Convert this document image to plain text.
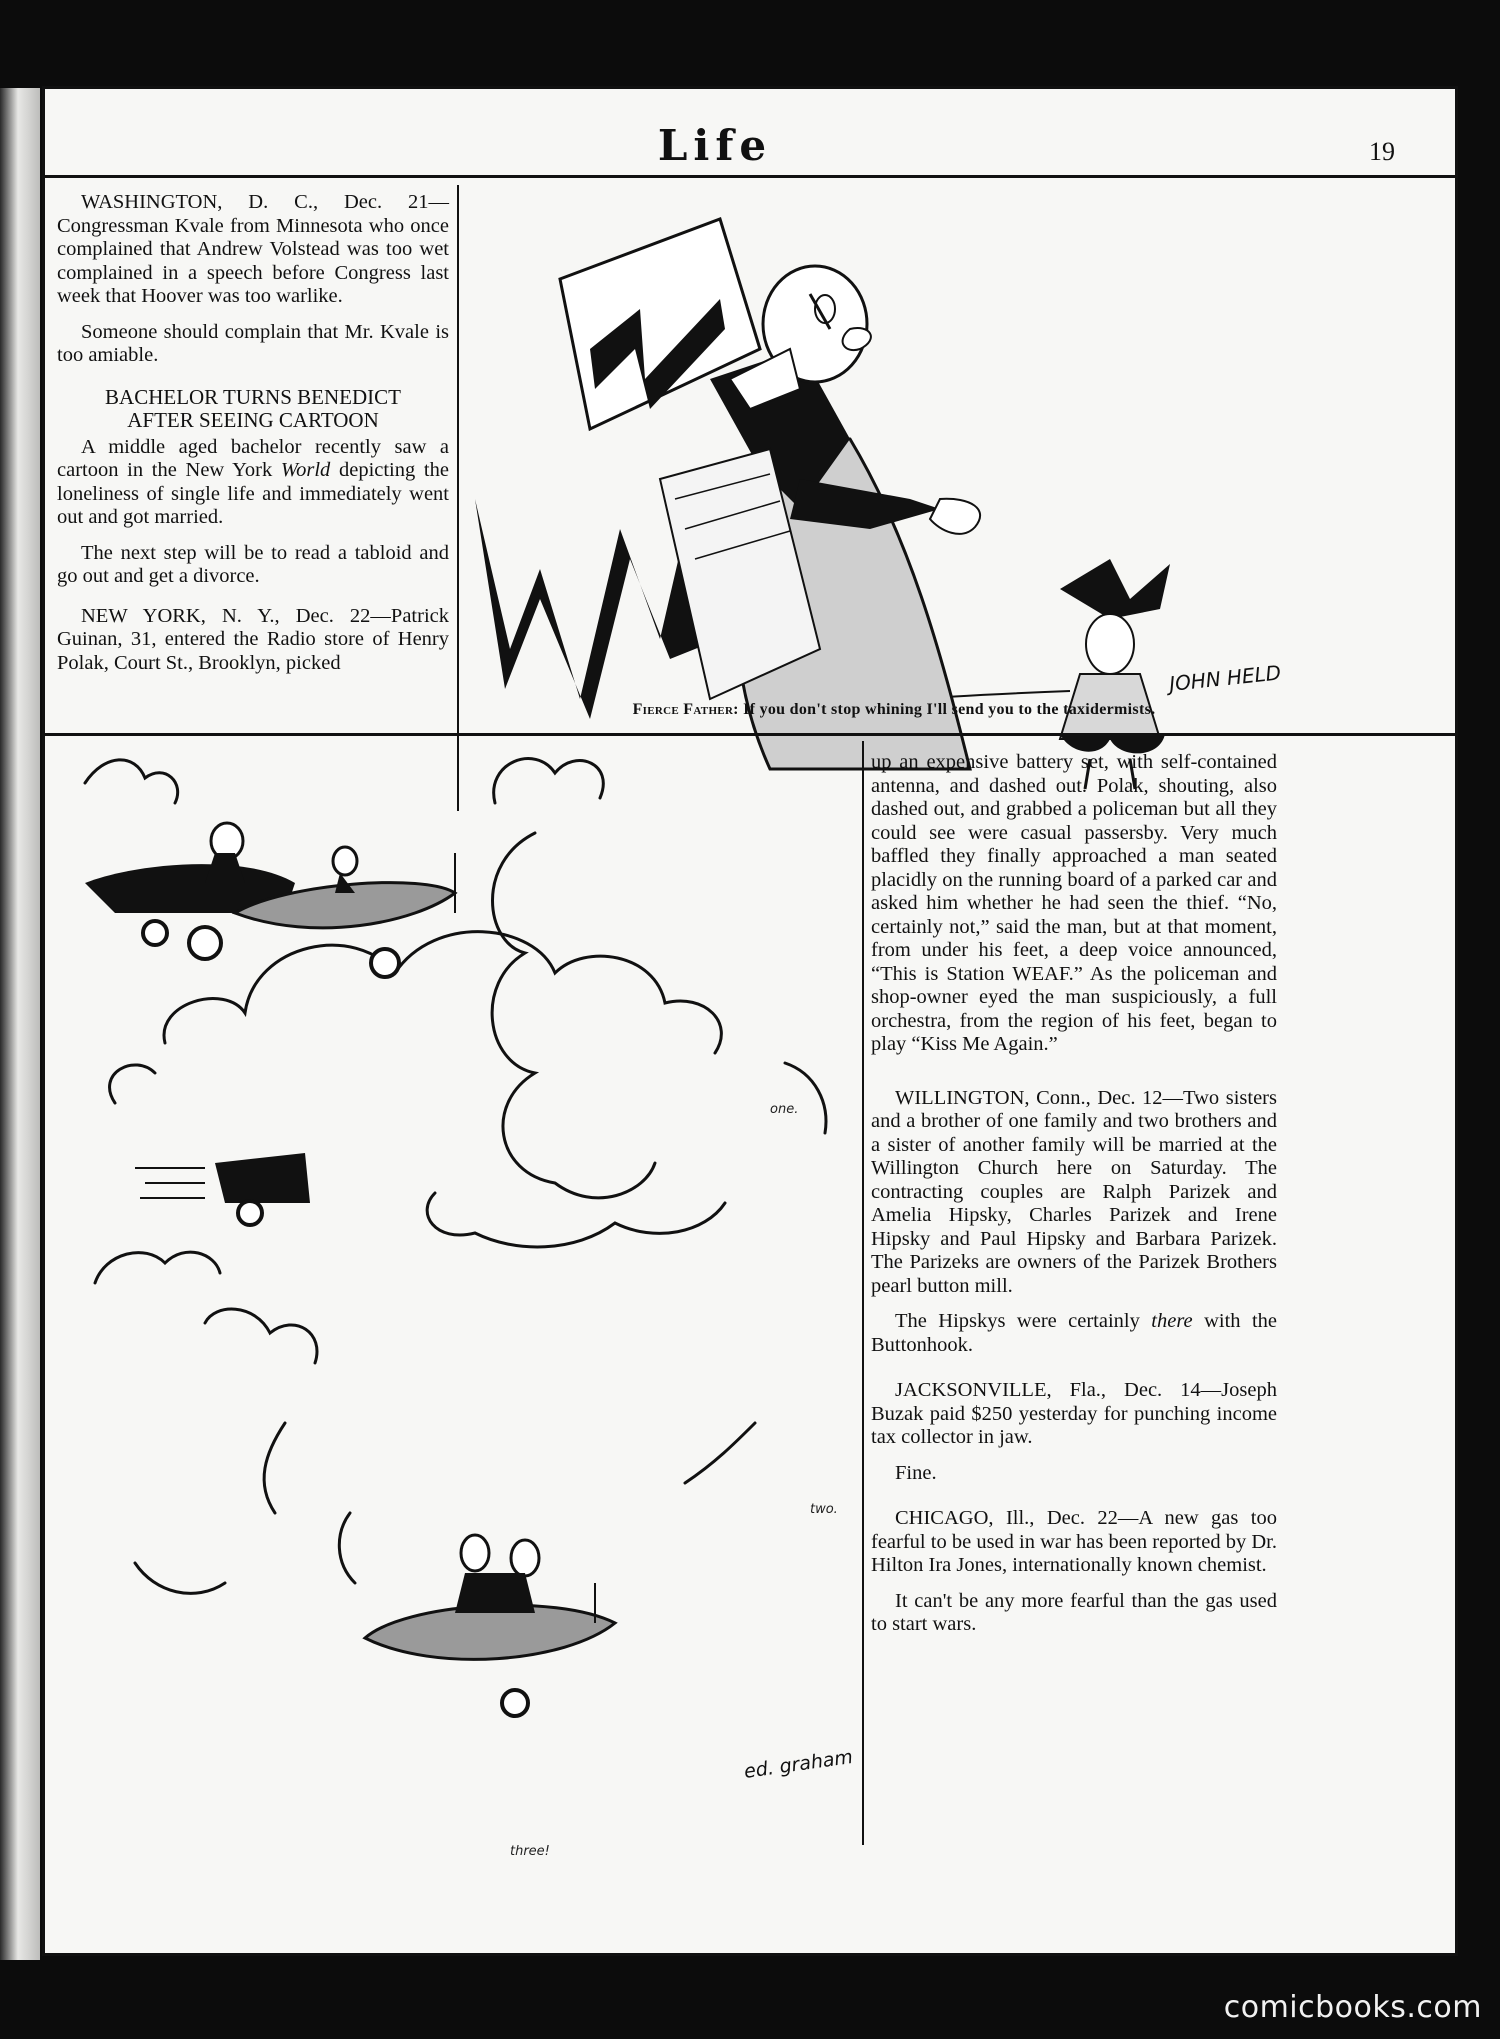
Life	19

WASHINGTON, D. C., Dec. 21—Congressman Kvale from Minnesota who once complained that Andrew Volstead was too wet complained in a speech before Congress last week that Hoover was too warlike.

Someone should complain that Mr. Kvale is too amiable.

BACHELOR TURNS BENEDICT
AFTER SEEING CARTOON

A middle aged bachelor recently saw a cartoon in the New York World depicting the loneliness of single life and immediately went out and got married.

The next step will be to read a tabloid and go out and get a divorce.

NEW YORK, N. Y., Dec. 22—Patrick Guinan, 31, entered the Radio store of Henry Polak, Court St., Brooklyn, picked	JOHN HELD
Fierce Father: If you don't stop whining I'll send you to the taxidermists.
one.
two.
three!
ed. graham

up an expensive battery set, with self-contained antenna, and dashed out. Polak, shouting, also dashed out, and grabbed a policeman but all they could see were casual passersby. Very much baffled they finally approached a man seated placidly on the running board of a parked car and asked him whether he had seen the thief. “No, certainly not,” said the man, but at that moment, from under his feet, a deep voice announced, “This is Station WEAF.” As the policeman and shop-owner eyed the man suspiciously, a full orchestra, from the region of his feet, began to play “Kiss Me Again.”

WILLINGTON, Conn., Dec. 12—Two sisters and a brother of one family and two brothers and a sister of another family will be married at the Willington Church here on Saturday. The contracting couples are Ralph Parizek and Amelia Hipsky, Charles Parizek and Irene Hipsky and Paul Hipsky and Barbara Parizek. The Parizeks are owners of the Parizek Brothers pearl button mill.

The Hipskys were certainly there with the Buttonhook.

JACKSONVILLE, Fla., Dec. 14—Joseph Buzak paid $250 yesterday for punching income tax collector in jaw.

Fine.

CHICAGO, Ill., Dec. 22—A new gas too fearful to be used in war has been reported by Dr. Hilton Ira Jones, internationally known chemist.

It can't be any more fearful than the gas used to start wars.

comicbooks.com
